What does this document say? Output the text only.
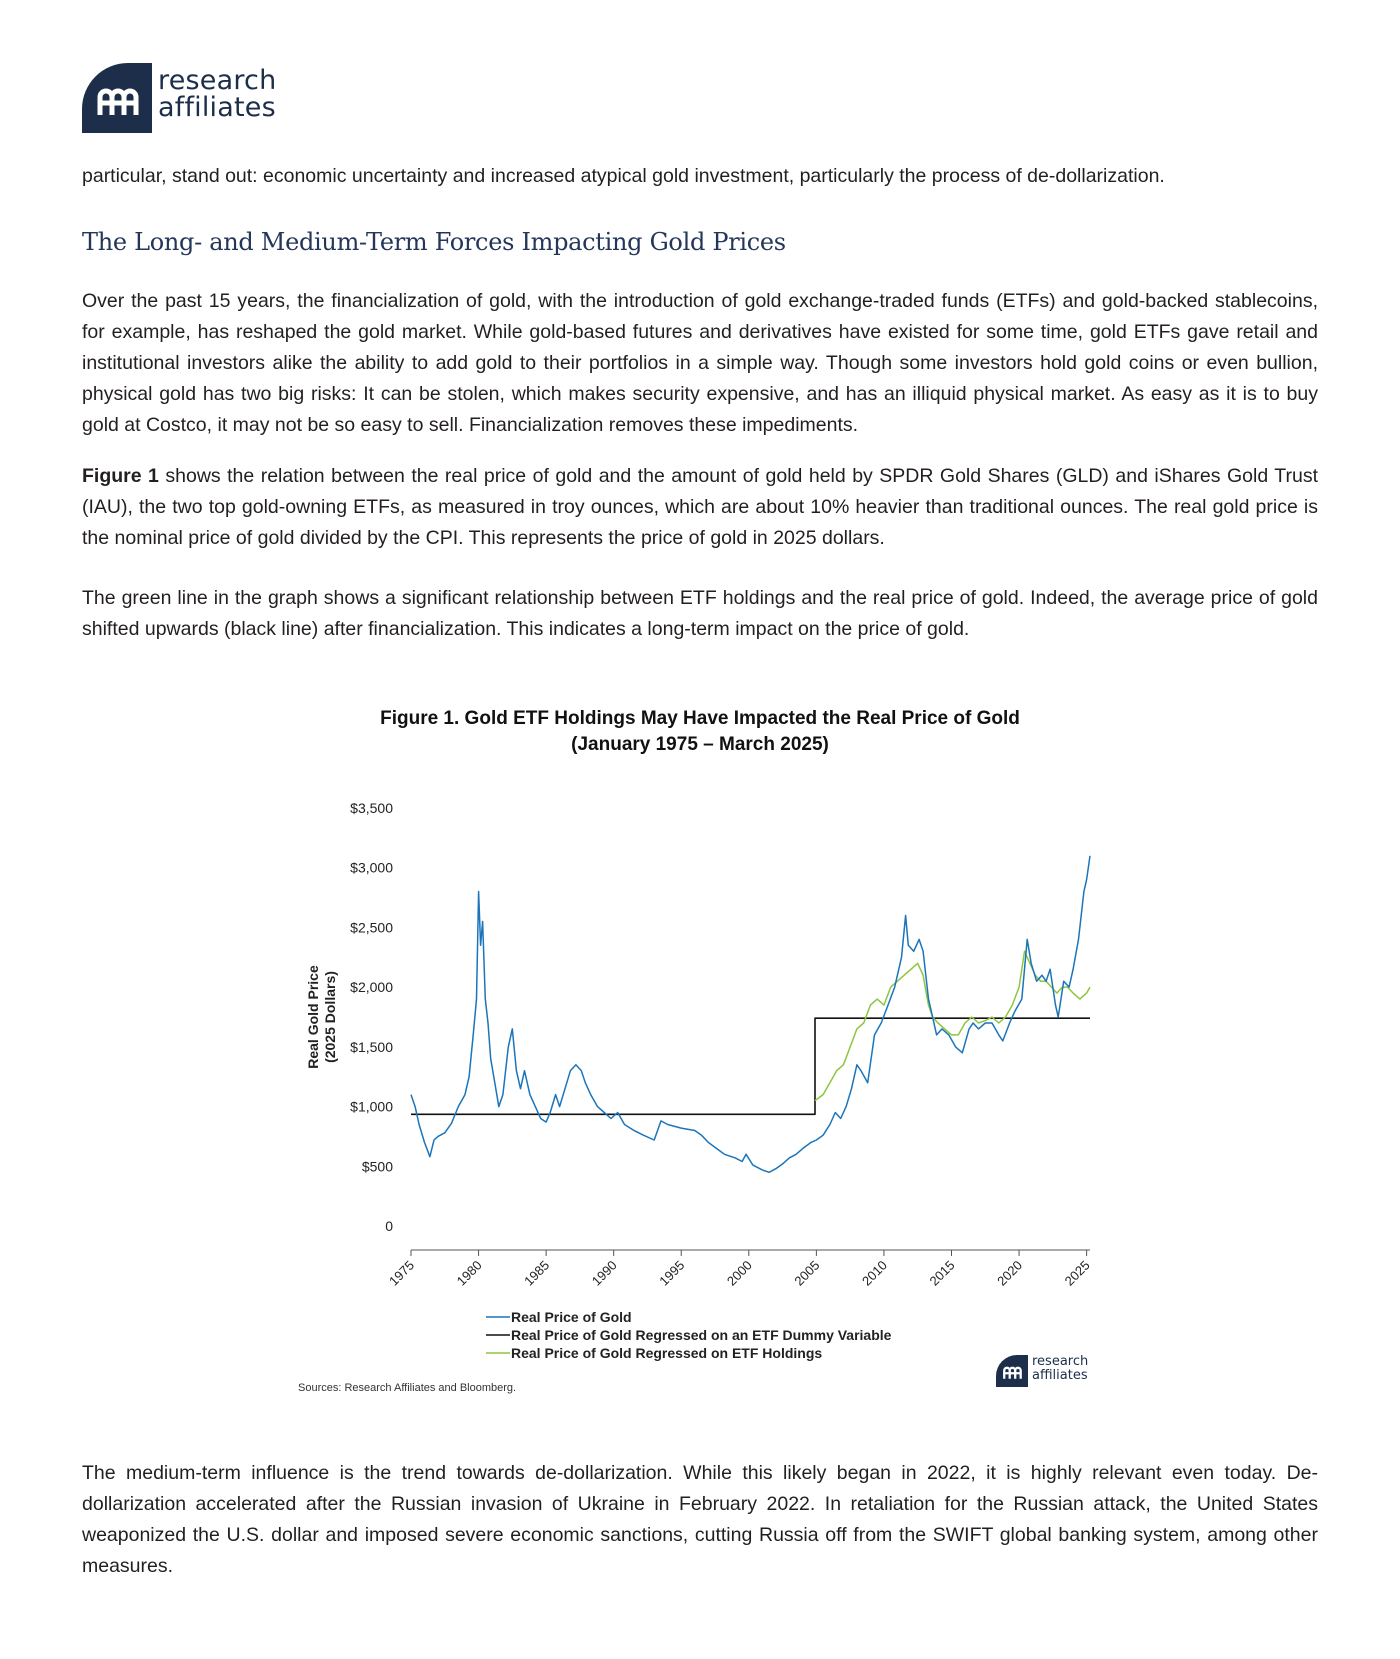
research
affiliates

particular, stand out: economic uncertainty and increased atypical gold investment, particularly the process of de-dollarization.

The Long- and Medium-Term Forces Impacting Gold Prices

Over the past 15 years, the financialization of gold, with the introduction of gold exchange-traded funds (ETFs) and gold-backed stablecoins, for example, has reshaped the gold market. While gold-based futures and derivatives have existed for some time, gold ETFs gave retail and institutional investors alike the ability to add gold to their portfolios in a simple way. Though some investors hold gold coins or even bullion, physical gold has two big risks: It can be stolen, which makes security expensive, and has an illiquid physical market. As easy as it is to buy gold at Costco, it may not be so easy to sell. Financialization removes these impediments.

Figure 1 shows the relation between the real price of gold and the amount of gold held by SPDR Gold Shares (GLD) and iShares Gold Trust (IAU), the two top gold-owning ETFs, as measured in troy ounces, which are about 10% heavier than traditional ounces. The real gold price is the nominal price of gold divided by the CPI. This represents the price of gold in 2025 dollars.

The green line in the graph shows a significant relationship between ETF holdings and the real price of gold. Indeed, the average price of gold shifted upwards (black line) after financialization. This indicates a long-term impact on the price of gold.

Figure 1. Gold ETF Holdings May Have Impacted the Real Price of Gold
(January 1975 – March 2025)
0
$500
$1,000
$1,500
$2,000
$2,500
$3,000
$3,500
1975	1980	1985	1990	1995	2000	2005	2010	2015	2020	2025
Real Price of Gold
Real Price of Gold Regressed on an ETF Dummy Variable
Real Price of Gold Regressed on ETF Holdings
Real Gold Price(2025 Dollars)
Sources: Research Affiliates and Bloomberg.
research
affiliates

The medium-term influence is the trend towards de-dollarization. While this likely began in 2022, it is highly relevant even today. De-dollarization accelerated after the Russian invasion of Ukraine in February 2022. In retaliation for the Russian attack, the United States weaponized the U.S. dollar and imposed severe economic sanctions, cutting Russia off from the SWIFT global banking system, among other measures.
